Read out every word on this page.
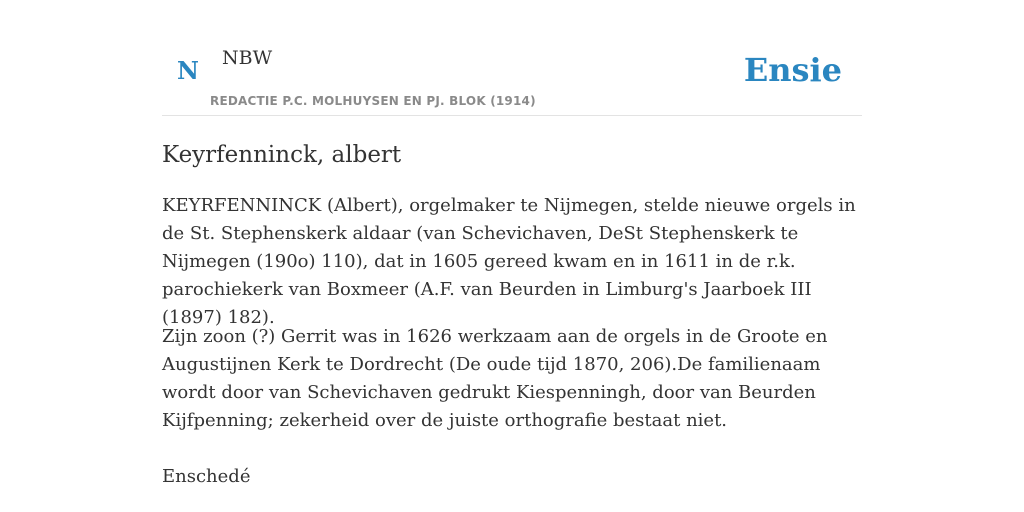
N NBW
REDACTIE P.C. MOLHUYSEN EN PJ. BLOK (1914)
Ensie
Keyrfenninck, albert

KEYRFENNINCK (Albert), orgelmaker te Nijmegen, stelde nieuwe orgels in de St. Stephenskerk aldaar (van Schevichaven, DeSt Stephenskerk te Nijmegen (190o) 110), dat in 1605 gereed kwam en in 1611 in de r.k. parochiekerk van Boxmeer (A.F. van Beurden in Limburg's Jaarboek III (1897) 182).

Zijn zoon (?) Gerrit was in 1626 werkzaam aan de orgels in de Groote en Augustijnen Kerk te Dordrecht (De oude tijd 1870, 206).De familienaam wordt door van Schevichaven gedrukt Kiespenningh, door van Beurden Kijfpenning; zekerheid over de juiste orthografie bestaat niet.

Enschedé
